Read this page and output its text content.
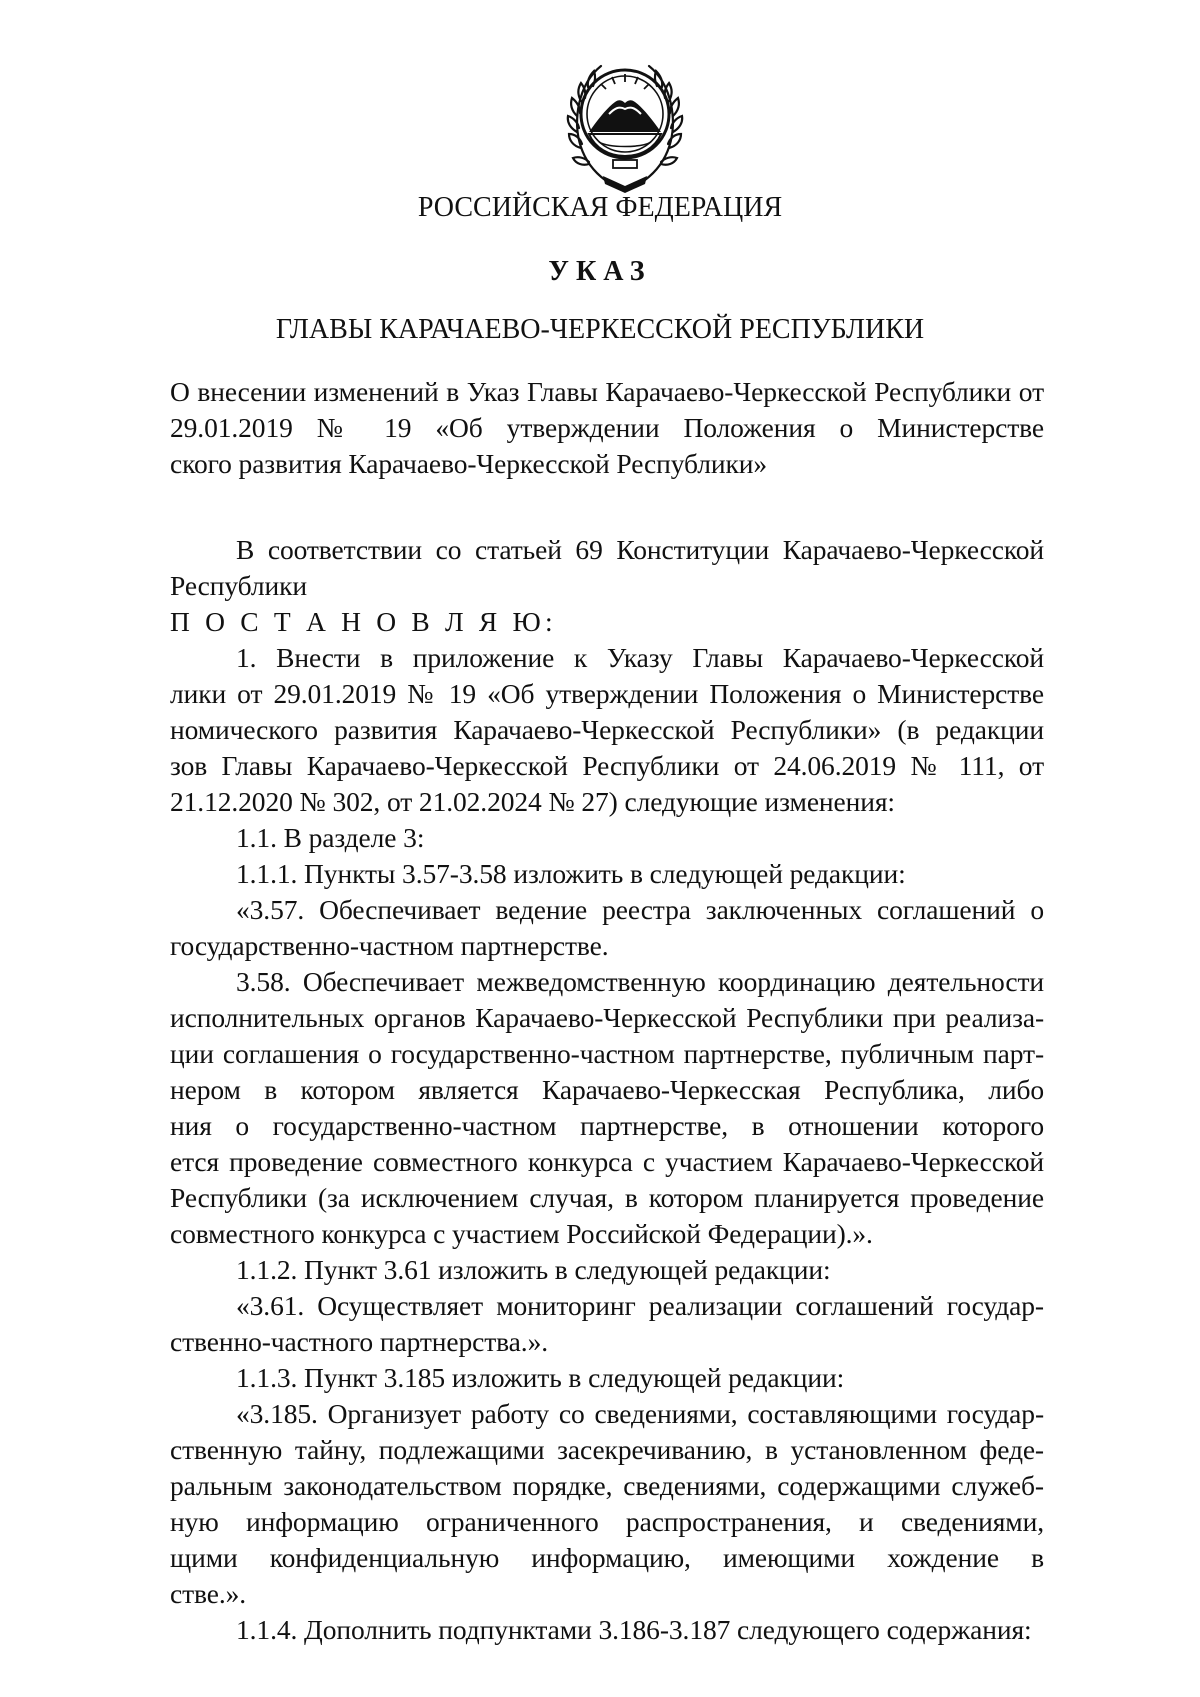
РОССИЙСКАЯ ФЕДЕРАЦИЯ
УКАЗ
ГЛАВЫ КАРАЧАЕВО-ЧЕРКЕССКОЙ РЕСПУБЛИКИ
О внесении изменений в Указ Главы Карачаево-Черкесской Республики от
29.01.2019 № 19 «Об утверждении Положения о Министерстве
ского развития Карачаево-Черкесской Республики»
В соответствии со статьей 69 Конституции Карачаево-Черкесской
Республики
П О С Т А Н О В Л Я Ю:
1. Внести в приложение к Указу Главы Карачаево-Черкесской
лики от 29.01.2019 № 19 «Об утверждении Положения о Министерстве
номического развития Карачаево-Черкесской Республики» (в редакции
зов Главы Карачаево-Черкесской Республики от 24.06.2019 № 111, от
21.12.2020 № 302, от 21.02.2024 № 27) следующие изменения:
1.1. В разделе 3:
1.1.1. Пункты 3.57-3.58 изложить в следующей редакции:
«3.57. Обеспечивает ведение реестра заключенных соглашений о
государственно-частном партнерстве.
3.58. Обеспечивает межведомственную координацию деятельности
исполнительных органов Карачаево-Черкесской Республики при реализа-
ции соглашения о государственно-частном партнерстве, публичным парт-
нером в котором является Карачаево-Черкесская Республика, либо
ния о государственно-частном партнерстве, в отношении которого
ется проведение совместного конкурса с участием Карачаево-Черкесской
Республики (за исключением случая, в котором планируется проведение
совместного конкурса с участием Российской Федерации).».
1.1.2. Пункт 3.61 изложить в следующей редакции:
«3.61. Осуществляет мониторинг реализации соглашений государ-
ственно-частного партнерства.».
1.1.3. Пункт 3.185 изложить в следующей редакции:
«3.185. Организует работу со сведениями, составляющими государ-
ственную тайну, подлежащими засекречиванию, в установленном феде-
ральным законодательством порядке, сведениями, содержащими служеб-
ную информацию ограниченного распространения, и сведениями,
щими конфиденциальную информацию, имеющими хождение в
стве.».
1.1.4. Дополнить подпунктами 3.186-3.187 следующего содержания:
